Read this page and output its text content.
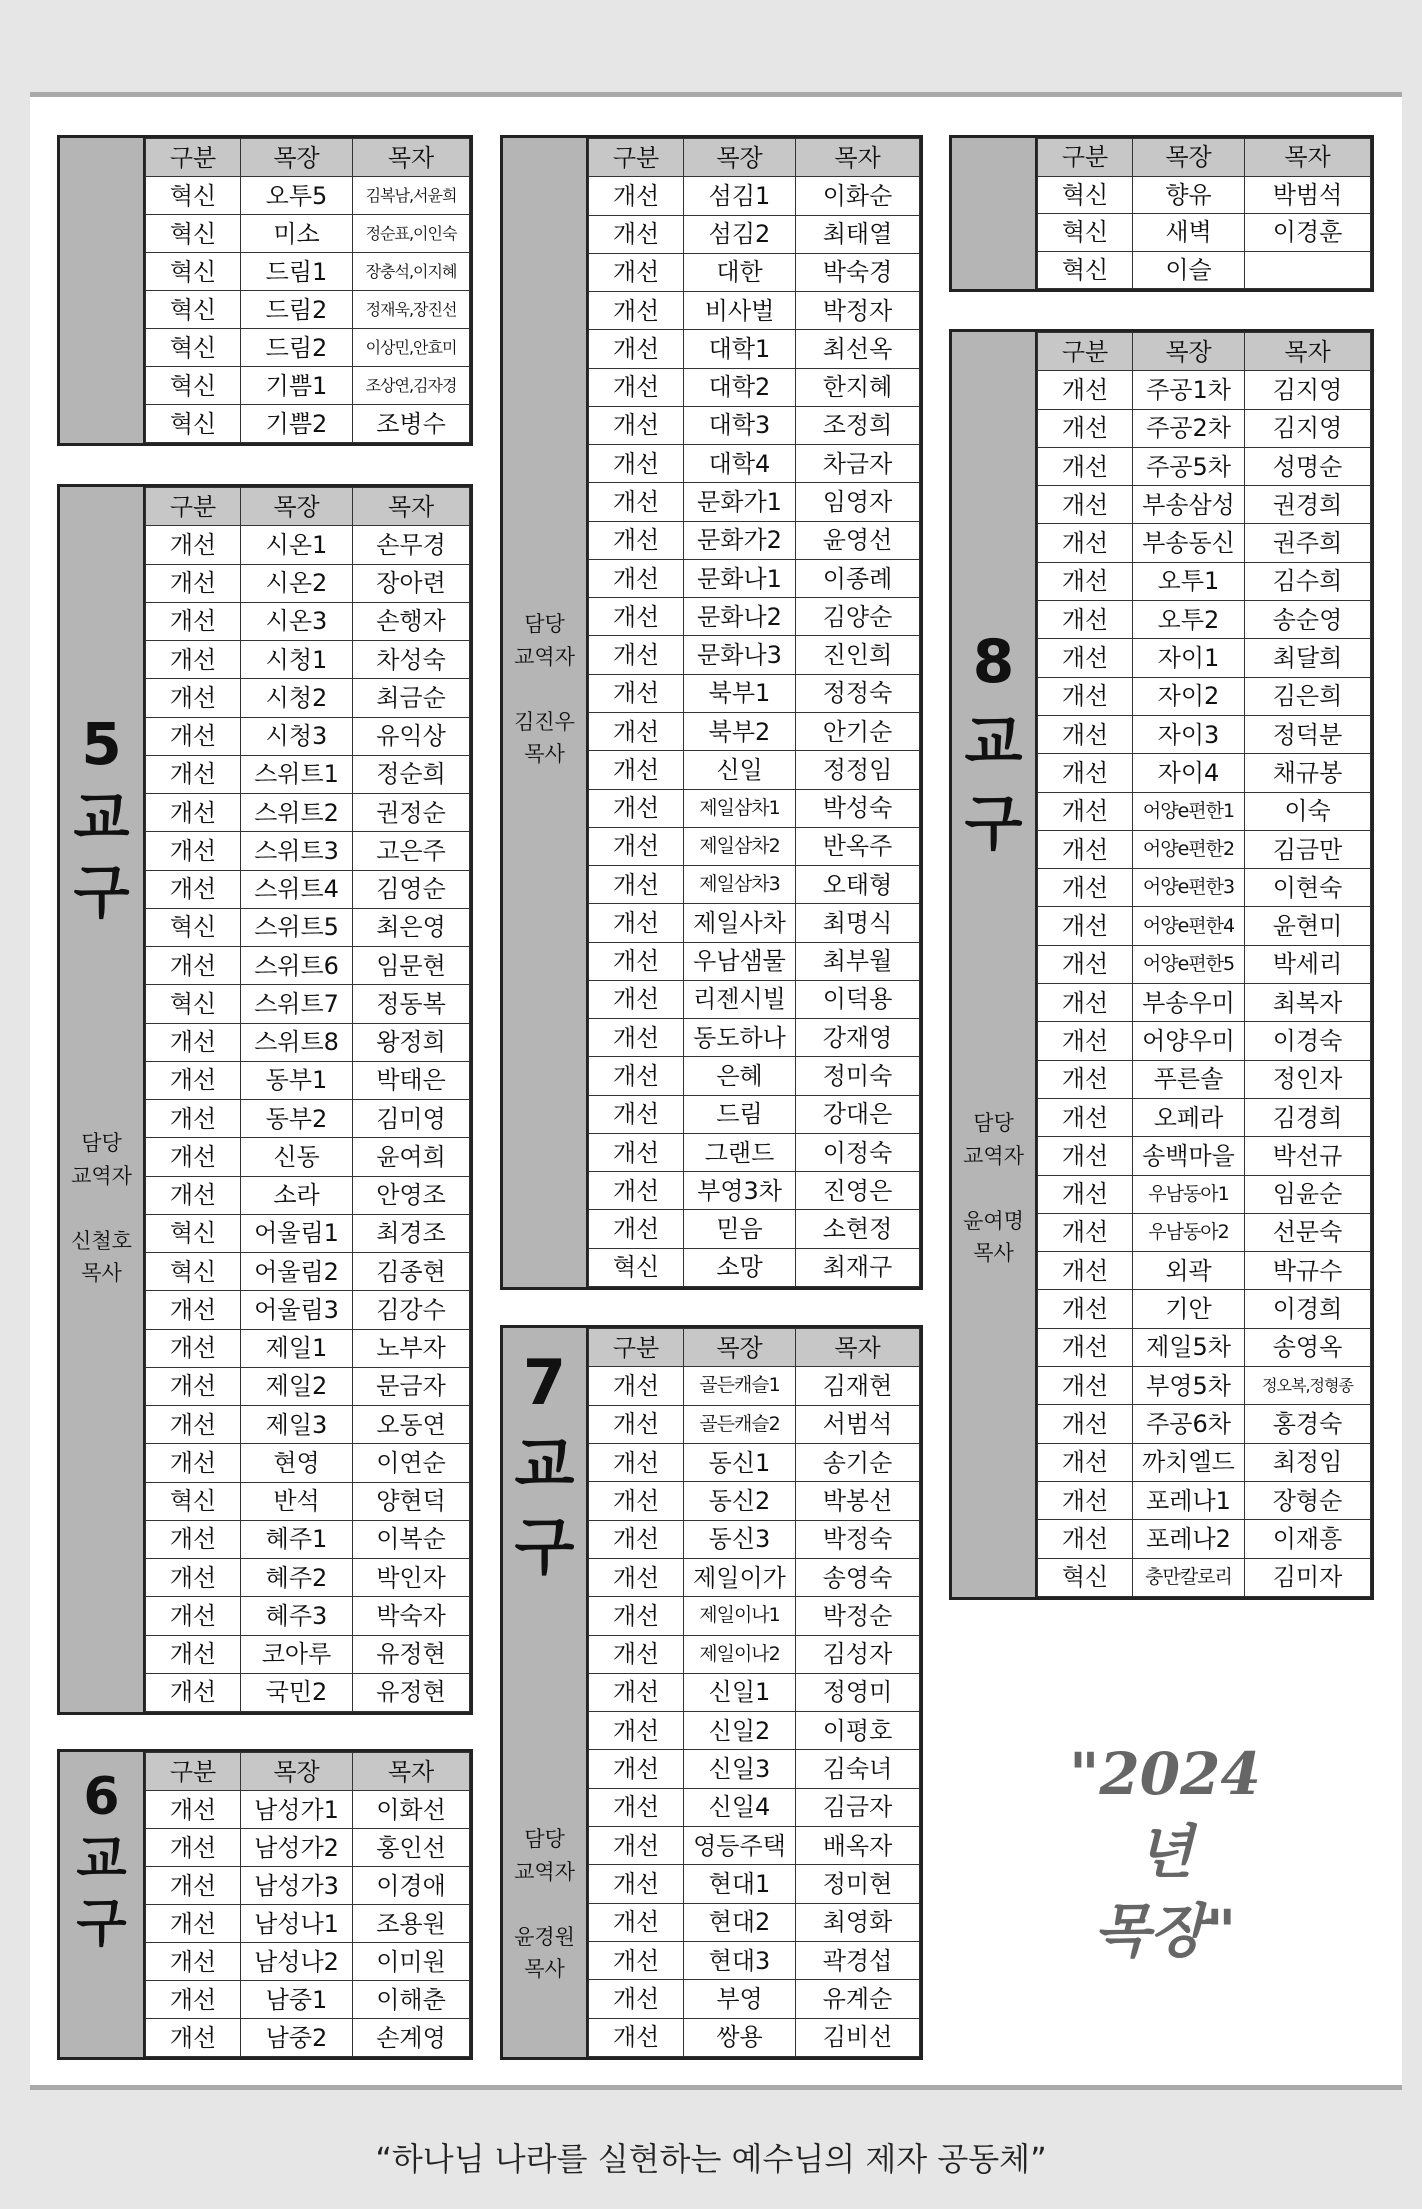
구분	목장	목자
혁신	오투5	김복남,서윤희
혁신	미소	정순표,이인숙
혁신	드림1	장충석,이지혜
혁신	드림2	정재욱,장진선
혁신	드림2	이상민,안효미
혁신	기쁨1	조상연,김자경
혁신	기쁨2	조병수
5
교
구
담당
교역자

신철호
목사
구분	목장	목자
개선	시온1	손무경
개선	시온2	장아련
개선	시온3	손행자
개선	시청1	차성숙
개선	시청2	최금순
개선	시청3	유익상
개선	스위트1	정순희
개선	스위트2	권정순
개선	스위트3	고은주
개선	스위트4	김영순
혁신	스위트5	최은영
개선	스위트6	임문현
혁신	스위트7	정동복
개선	스위트8	왕정희
개선	동부1	박태은
개선	동부2	김미영
개선	신동	윤여희
개선	소라	안영조
혁신	어울림1	최경조
혁신	어울림2	김종현
개선	어울림3	김강수
개선	제일1	노부자
개선	제일2	문금자
개선	제일3	오동연
개선	현영	이연순
혁신	반석	양현덕
개선	혜주1	이복순
개선	혜주2	박인자
개선	혜주3	박숙자
개선	코아루	유정현
개선	국민2	유정현
6
교
구
구분	목장	목자
개선	남성가1	이화선
개선	남성가2	홍인선
개선	남성가3	이경애
개선	남성나1	조용원
개선	남성나2	이미원
개선	남중1	이해춘
개선	남중2	손계영
담당
교역자

김진우
목사
구분	목장	목자
개선	섬김1	이화순
개선	섬김2	최태열
개선	대한	박숙경
개선	비사벌	박정자
개선	대학1	최선옥
개선	대학2	한지혜
개선	대학3	조정희
개선	대학4	차금자
개선	문화가1	임영자
개선	문화가2	윤영선
개선	문화나1	이종례
개선	문화나2	김양순
개선	문화나3	진인희
개선	북부1	정정숙
개선	북부2	안기순
개선	신일	정정임
개선	제일삼차1	박성숙
개선	제일삼차2	반옥주
개선	제일삼차3	오태형
개선	제일사차	최명식
개선	우남샘물	최부월
개선	리젠시빌	이덕용
개선	동도하나	강재영
개선	은혜	정미숙
개선	드림	강대은
개선	그랜드	이정숙
개선	부영3차	진영은
개선	믿음	소현정
혁신	소망	최재구
7
교
구
담당
교역자

윤경원
목사
구분	목장	목자
개선	골든캐슬1	김재현
개선	골든캐슬2	서범석
개선	동신1	송기순
개선	동신2	박봉선
개선	동신3	박정숙
개선	제일이가	송영숙
개선	제일이나1	박정순
개선	제일이나2	김성자
개선	신일1	정영미
개선	신일2	이평호
개선	신일3	김숙녀
개선	신일4	김금자
개선	영등주택	배옥자
개선	현대1	정미현
개선	현대2	최영화
개선	현대3	곽경섭
개선	부영	유계순
개선	쌍용	김비선
구분	목장	목자
혁신	향유	박범석
혁신	새벽	이경훈
혁신	이슬	
8
교
구
담당
교역자

윤여명
목사
구분	목장	목자
개선	주공1차	김지영
개선	주공2차	김지영
개선	주공5차	성명순
개선	부송삼성	권경희
개선	부송동신	권주희
개선	오투1	김수희
개선	오투2	송순영
개선	자이1	최달희
개선	자이2	김은희
개선	자이3	정덕분
개선	자이4	채규봉
개선	어양e편한1	이숙
개선	어양e편한2	김금만
개선	어양e편한3	이현숙
개선	어양e편한4	윤현미
개선	어양e편한5	박세리
개선	부송우미	최복자
개선	어양우미	이경숙
개선	푸른솔	정인자
개선	오페라	김경희
개선	송백마을	박선규
개선	우남동아1	임윤순
개선	우남동아2	선문숙
개선	외곽	박규수
개선	기안	이경희
개선	제일5차	송영옥
개선	부영5차	정오복,정형종
개선	주공6차	홍경숙
개선	까치엘드	최정임
개선	포레나1	장형순
개선	포레나2	이재흥
혁신	충만칼로리	김미자
"2024년
목장"
“하나님 나라를 실현하는 예수님의 제자 공동체”
